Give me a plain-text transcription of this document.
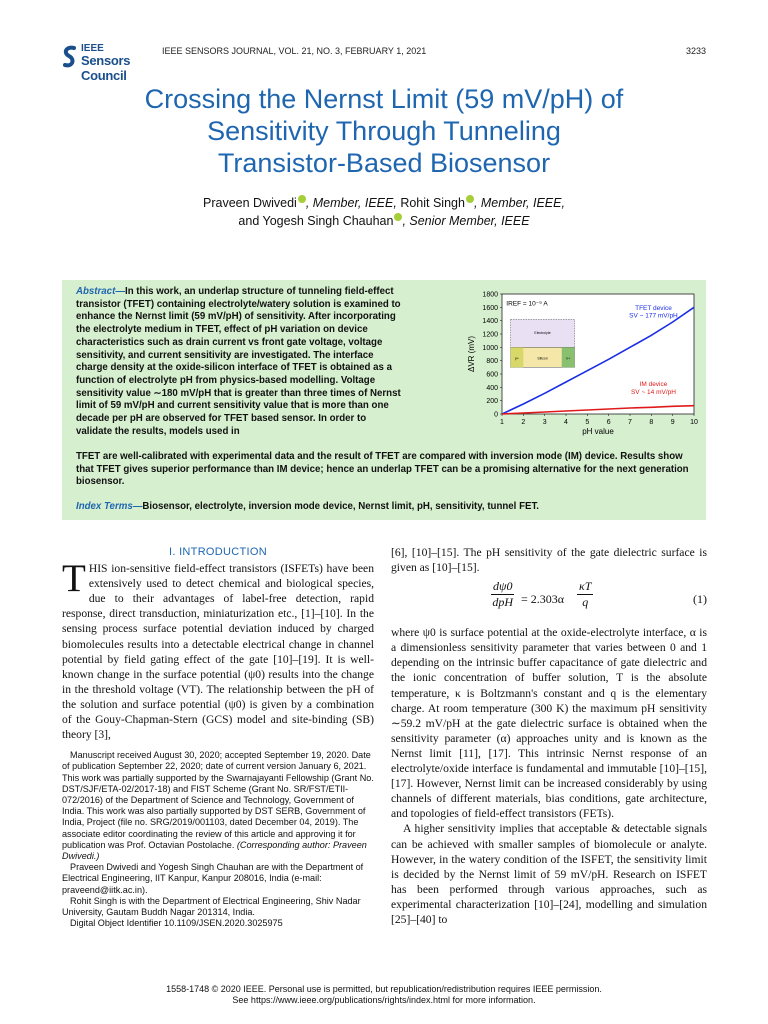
IEEE
Sensors Council
IEEE SENSORS JOURNAL, VOL. 21, NO. 3, FEBRUARY 1, 2021	3233
Crossing the Nernst Limit (59 mV/pH) of
Sensitivity Through Tunneling
Transistor-Based Biosensor
Praveen Dwivedi , Member, IEEE, Rohit Singh , Member, IEEE,
and Yogesh Singh Chauhan , Senior Member, IEEE
Abstract—In this work, an underlap structure of tunneling field-effect transistor (TFET) containing electrolyte/watery solution is examined to enhance the Nernst limit (59 mV/pH) of sensitivity. After incorporating the electrolyte medium in TFET, effect of pH variation on device characteristics such as drain current vs front gate voltage, voltage sensitivity, and current sensitivity are investigated. The interface charge density at the oxide-silicon interface of TFET is obtained as a function of electrolyte pH from physics-based modelling. Voltage sensitivity value ∼180 mV/pH that is greater than three times of Nernst limit of 59 mV/pH and current sensitivity value that is more than one decade per pH are observed for TFET based sensor. In order to validate the results, models used in
0
200
400
600
800
1000
1200
1400
1600
1800
1 2 3 4 5 6 7 8 9 10
pH value
ΔVR (mV)
Electrolyte
Silicon
p+	n+
IREF = 10⁻⁹ A
TFET device
SV ~ 177 mV/pH
IM device
SV ~ 14 mV/pH
TFET are well-calibrated with experimental data and the result of TFET are compared with inversion mode (IM) device. Results show that TFET gives superior performance than IM device; hence an underlap TFET can be a promising alternative for the next generation biosensor.
Index Terms—Biosensor, electrolyte, inversion mode device, Nernst limit, pH, sensitivity, tunnel FET.
I. INTRODUCTION

THIS ion-sensitive field-effect transistors (ISFETs) have been extensively used to detect chemical and biological species, due to their advantages of label-free detection, rapid response, direct transduction, miniaturization etc., [1]–[10]. In the sensing process surface potential deviation induced by charged biomolecules results into a detectable electrical change in channel potential by field gating effect of the gate [10]–[19]. It is well-known change in the surface potential (ψ0) results into the change in the threshold voltage (VT). The relationship between the pH of the solution and surface potential (ψ0) is given by a combination of the Gouy-Chapman-Stern (GCS) model and site-binding (SB) theory [3],

Manuscript received August 30, 2020; accepted September 19, 2020. Date of publication September 22, 2020; date of current version January 6, 2021. This work was partially supported by the Swarnajayanti Fellowship (Grant No. DST/SJF/ETA-02/2017-18) and FIST Scheme (Grant No. SR/FST/ETII-072/2016) of the Department of Science and Technology, Government of India. This work was also partially supported by DST SERB, Government of India, Project (file no. SRG/2019/001103, dated December 04, 2019). The associate editor coordinating the review of this article and approving it for publication was Prof. Octavian Postolache. (Corresponding author: Praveen Dwivedi.)

Praveen Dwivedi and Yogesh Singh Chauhan are with the Department of Electrical Engineering, IIT Kanpur, Kanpur 208016, India (e-mail: praveend@iitk.ac.in).

Rohit Singh is with the Department of Electrical Engineering, Shiv Nadar University, Gautam Buddh Nagar 201314, India.

Digital Object Identifier 10.1109/JSEN.2020.3025975

[6], [10]–[15]. The pH sensitivity of the gate dielectric surface is given as [10]–[15].

dψ0
dpH = $2.303\alpha \frac{\kappa T}{q}$	(1)

where ψ0 is surface potential at the oxide-electrolyte interface, α is a dimensionless sensitivity parameter that varies between 0 and 1 depending on the intrinsic buffer capacitance of gate dielectric and the ionic concentration of buffer solution, T is the absolute temperature, κ is Boltzmann's constant and q is the elementary charge. At room temperature (300 K) the maximum pH sensitivity ∼59.2 mV/pH at the gate dielectric surface is obtained when the sensitivity parameter (α) approaches unity and is known as the Nernst limit [11], [17]. This intrinsic Nernst response of an electrolyte/oxide interface is fundamental and immutable [10]–[15], [17]. However, Nernst limit can be increased considerably by using channels of different materials, bias conditions, gate architecture, and topologies of field-effect transistors (FETs).

A higher sensitivity implies that acceptable & detectable signals can be achieved with smaller samples of biomolecule or analyte. However, in the watery condition of the ISFET, the sensitivity limit is decided by the Nernst limit of 59 mV/pH. Research on ISFET has been performed through various approaches, such as experimental characterization [10]–[24], modelling and simulation [25]–[40] to

1558-1748 © 2020 IEEE. Personal use is permitted, but republication/redistribution requires IEEE permission.
See https://www.ieee.org/publications/rights/index.html for more information.
